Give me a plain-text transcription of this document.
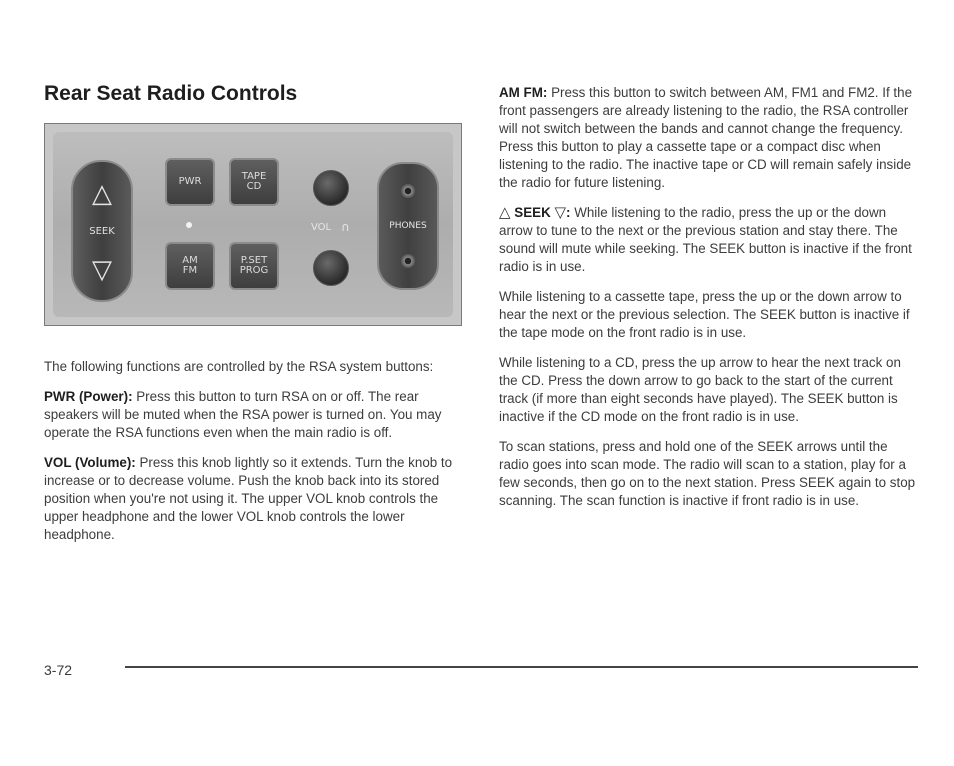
Rear Seat Radio Controls
△
SEEK
▽
PWR	TAPE
CD
AM
FM
P.SET
PROG
VOL ∩	PHONES

The following functions are controlled by the RSA system buttons:

PWR (Power): Press this button to turn RSA on or off. The rear speakers will be muted when the RSA power is turned on. You may operate the RSA functions even when the main radio is off.

VOL (Volume): Press this knob lightly so it extends. Turn the knob to increase or to decrease volume. Push the knob back into its stored position when you're not using it. The upper VOL knob controls the upper headphone and the lower VOL knob controls the lower headphone.

AM FM: Press this button to switch between AM, FM1 and FM2. If the front passengers are already listening to the radio, the RSA controller will not switch between the bands and cannot change the frequency. Press this button to play a cassette tape or a compact disc when listening to the radio. The inactive tape or CD will remain safely inside the radio for future listening.

△ SEEK ▽: While listening to the radio, press the up or the down arrow to tune to the next or the previous station and stay there. The sound will mute while seeking. The SEEK button is inactive if the front radio is in use.

While listening to a cassette tape, press the up or the down arrow to hear the next or the previous selection. The SEEK button is inactive if the tape mode on the front radio is in use.

While listening to a CD, press the up arrow to hear the next track on the CD. Press the down arrow to go back to the start of the current track (if more than eight seconds have played). The SEEK button is inactive if the CD mode on the front radio is in use.

To scan stations, press and hold one of the SEEK arrows until the radio goes into scan mode. The radio will scan to a station, play for a few seconds, then go on to the next station. Press SEEK again to stop scanning. The scan function is inactive if front radio is in use.

3-72
